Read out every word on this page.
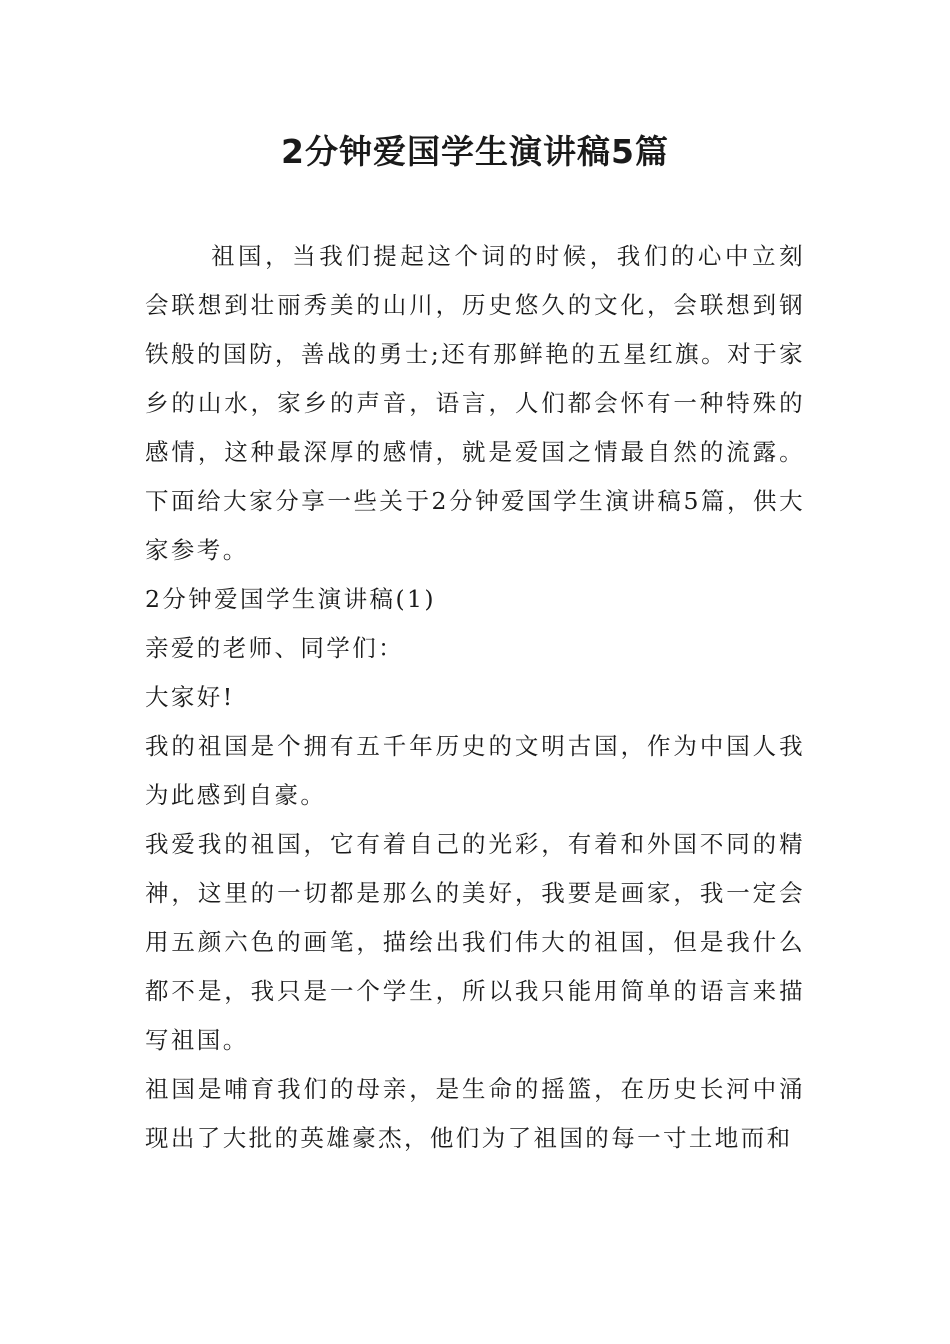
2分钟爱国学生演讲稿5篇

祖国，当我们提起这个词的时候，我们的心中立刻会联想到壮丽秀美的山川，历史悠久的文化，会联想到钢铁般的国防，善战的勇士;还有那鲜艳的五星红旗。对于家乡的山水，家乡的声音，语言，人们都会怀有一种特殊的感情，这种最深厚的感情，就是爱国之情最自然的流露。下面给大家分享一些关于2分钟爱国学生演讲稿5篇，供大家参考。

2分钟爱国学生演讲稿(1)

亲爱的老师、同学们：

大家好!

我的祖国是个拥有五千年历史的文明古国，作为中国人我为此感到自豪。

我爱我的祖国，它有着自己的光彩，有着和外国不同的精神，这里的一切都是那么的美好，我要是画家，我一定会用五颜六色的画笔，描绘出我们伟大的祖国，但是我什么都不是，我只是一个学生，所以我只能用简单的语言来描写祖国。

祖国是哺育我们的母亲，是生命的摇篮，在历史长河中涌现出了大批的英雄豪杰，他们为了祖国的每一寸土地而和
